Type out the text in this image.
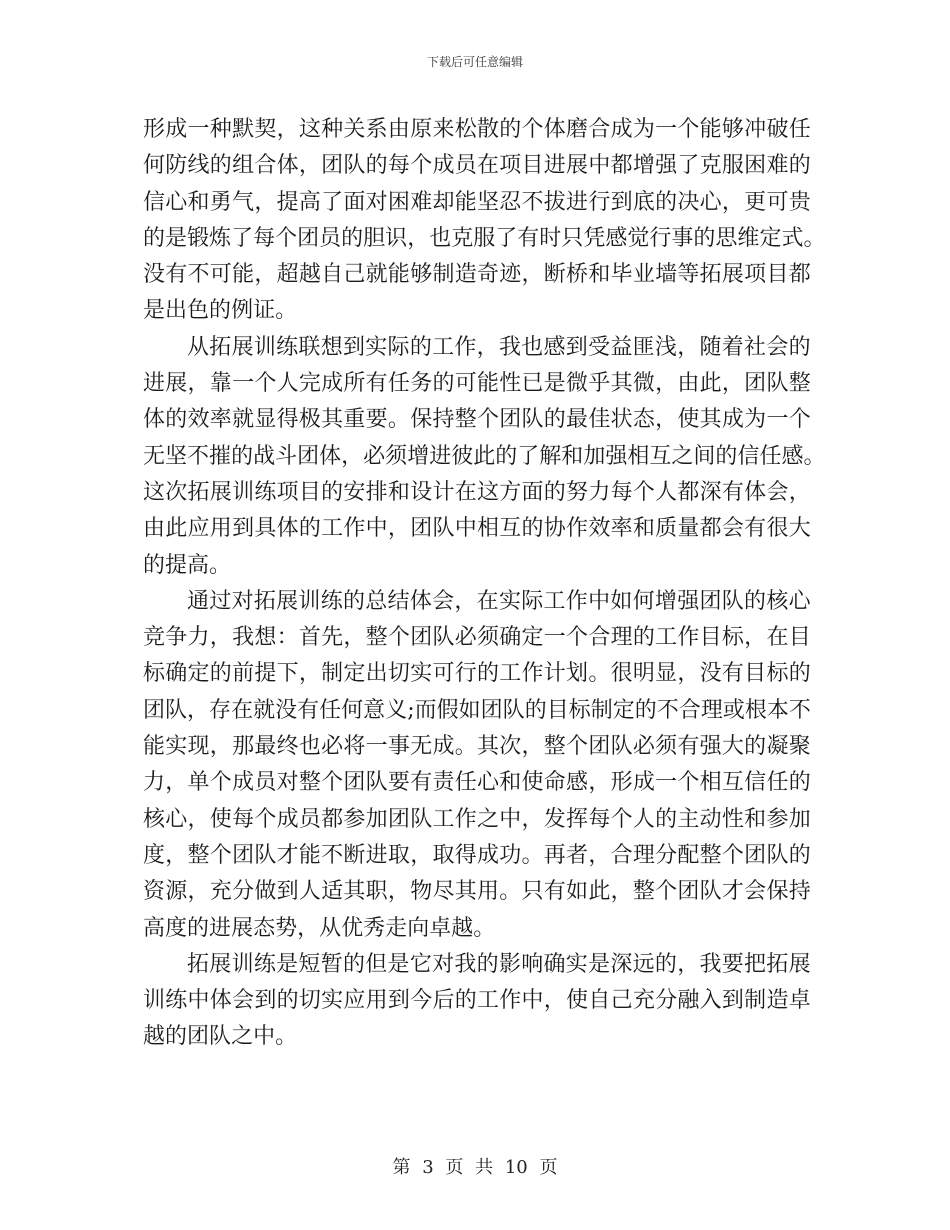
下载后可任意编辑
形 成 一 种 默 契 ， 这 种 关 系 由 原 来 松 散 的 个 体 磨 合 成 为 一 个 能 够 冲 破 任
何 防 线 的 组 合 体 ， 团 队 的 每 个 成 员 在 项 目 进 展 中 都 增 强 了 克 服 困 难 的
信 心 和 勇 气 ， 提 高 了 面 对 困 难 却 能 坚 忍 不 拔 进 行 到 底 的 决 心 ， 更 可 贵
的 是 锻 炼 了 每 个 团 员 的 胆 识 ， 也 克 服 了 有 时 只 凭 感 觉 行 事 的 思 维 定 式 。
没 有 不 可 能 ， 超 越 自 己 就 能 够 制 造 奇 迹 ， 断 桥 和 毕 业 墙 等 拓 展 项 目 都
是 出 色 的 例 证 。
从 拓 展 训 练 联 想 到 实 际 的 工 作 ， 我 也 感 到 受 益 匪 浅 ， 随 着 社 会 的
进 展 ， 靠 一 个 人 完 成 所 有 任 务 的 可 能 性 已 是 微 乎 其 微 ， 由 此 ， 团 队 整
体 的 效 率 就 显 得 极 其 重 要 。 保 持 整 个 团 队 的 最 佳 状 态 ， 使 其 成 为 一 个
无 坚 不 摧 的 战 斗 团 体 ， 必 须 增 进 彼 此 的 了 解 和 加 强 相 互 之 间 的 信 任 感 。
这 次 拓 展 训 练 项 目 的 安 排 和 设 计 在 这 方 面 的 努 力 每 个 人 都 深 有 体 会 ，
由 此 应 用 到 具 体 的 工 作 中 ， 团 队 中 相 互 的 协 作 效 率 和 质 量 都 会 有 很 大
的 提 高 。
通 过 对 拓 展 训 练 的 总 结 体 会 ， 在 实 际 工 作 中 如 何 增 强 团 队 的 核 心
竞 争 力 ， 我 想 ： 首 先 ， 整 个 团 队 必 须 确 定 一 个 合 理 的 工 作 目 标 ， 在 目
标 确 定 的 前 提 下 ， 制 定 出 切 实 可 行 的 工 作 计 划 。 很 明 显 ， 没 有 目 标 的
团 队 ， 存 在 就 没 有 任 何 意 义 ; 而 假 如 团 队 的 目 标 制 定 的 不 合 理 或 根 本 不
能 实 现 ， 那 最 终 也 必 将 一 事 无 成 。 其 次 ， 整 个 团 队 必 须 有 强 大 的 凝 聚
力 ， 单 个 成 员 对 整 个 团 队 要 有 责 任 心 和 使 命 感 ， 形 成 一 个 相 互 信 任 的
核 心 ， 使 每 个 成 员 都 参 加 团 队 工 作 之 中 ， 发 挥 每 个 人 的 主 动 性 和 参 加
度 ， 整 个 团 队 才 能 不 断 进 取 ， 取 得 成 功 。 再 者 ， 合 理 分 配 整 个 团 队 的
资 源 ， 充 分 做 到 人 适 其 职 ， 物 尽 其 用 。 只 有 如 此 ， 整 个 团 队 才 会 保 持
高 度 的 进 展 态 势 ， 从 优 秀 走 向 卓 越 。
拓 展 训 练 是 短 暂 的 但 是 它 对 我 的 影 响 确 实 是 深 远 的 ， 我 要 把 拓 展
训 练 中 体 会 到 的 切 实 应 用 到 今 后 的 工 作 中 ， 使 自 己 充 分 融 入 到 制 造 卓
越 的 团 队 之 中 。
第 3 页 共 10 页
